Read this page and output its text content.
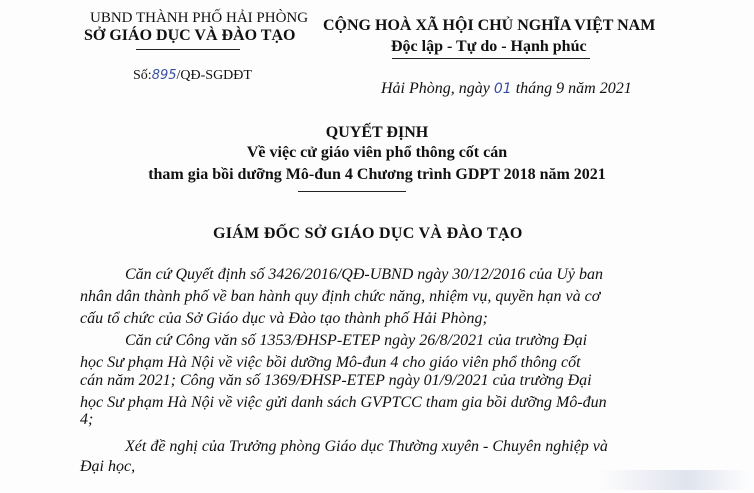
UBND THÀNH PHỐ HẢI PHÒNG
SỞ GIÁO DỤC VÀ ĐÀO TẠO
CỘNG HOÀ XÃ HỘI CHỦ NGHĨA VIỆT NAM
Độc lập - Tự do - Hạnh phúc
Số:895/QĐ-SGDĐT
Hải Phòng, ngày 01 tháng 9 năm 2021
QUYẾT ĐỊNH
Về việc cử giáo viên phổ thông cốt cán
tham gia bồi dưỡng Mô-đun 4 Chương trình GDPT 2018 năm 2021
GIÁM ĐỐC SỞ GIÁO DỤC VÀ ĐÀO TẠO
Căn cứ Quyết định số 3426/2016/QĐ-UBND ngày 30/12/2016 của Uỷ ban
nhân dân thành phố về ban hành quy định chức năng, nhiệm vụ, quyền hạn và cơ
cấu tổ chức của Sở Giáo dục và Đào tạo thành phố Hải Phòng;
Căn cứ Công văn số 1353/ĐHSP-ETEP ngày 26/8/2021 của trường Đại
học Sư phạm Hà Nội về việc bồi dưỡng Mô-đun 4 cho giáo viên phổ thông cốt
cán năm 2021; Công văn số 1369/ĐHSP-ETEP ngày 01/9/2021 của trường Đại
học Sư phạm Hà Nội về việc gửi danh sách GVPTCC tham gia bồi dưỡng Mô-đun
4;
Xét đề nghị của Trưởng phòng Giáo dục Thường xuyên - Chuyên nghiệp và
Đại học,
